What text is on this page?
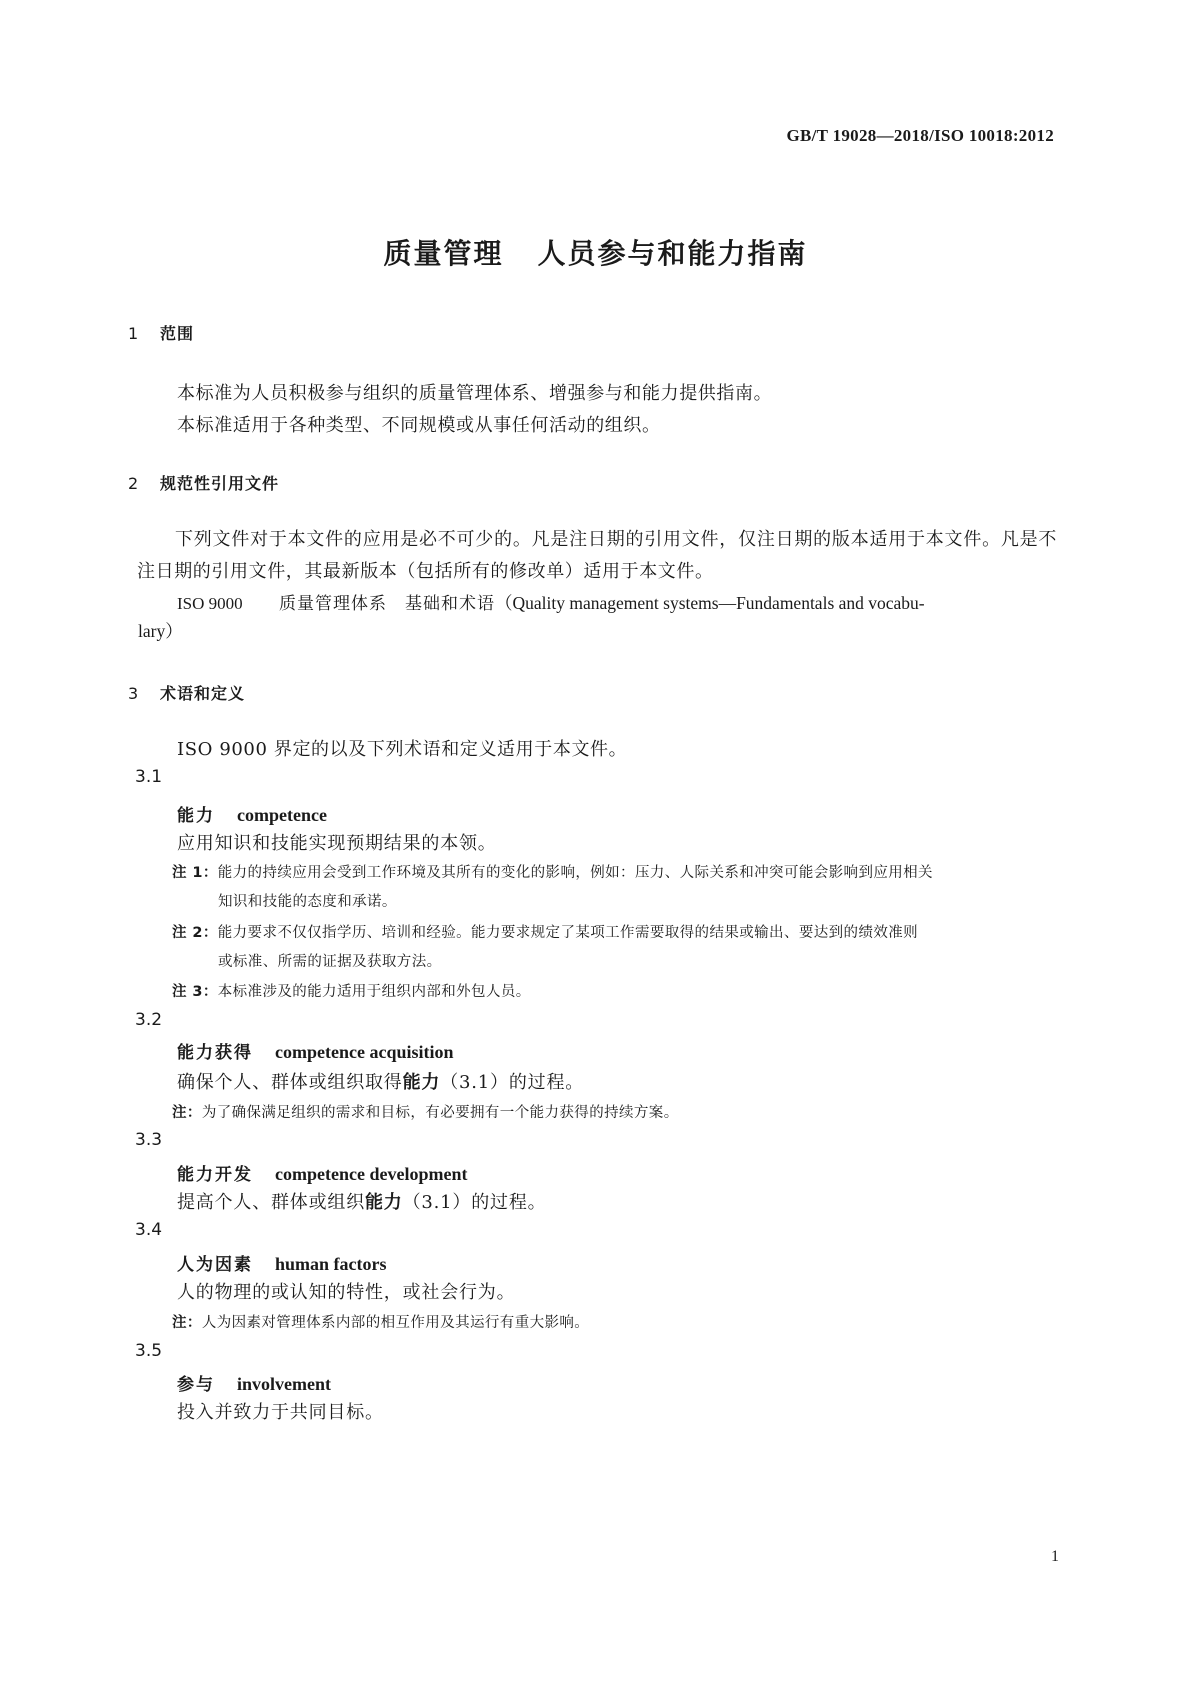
GB/T 19028—2018/ISO 10018:2012
质量管理 人员参与和能力指南
1 范围
本标准为人员积极参与组织的质量管理体系、增强参与和能力提供指南。
本标准适用于各种类型、不同规模或从事任何活动的组织。
2 规范性引用文件
下列文件对于本文件的应用是必不可少的。凡是注日期的引用文件，仅注日期的版本适用于本文件。凡是不注日期的引用文件，其最新版本（包括所有的修改单）适用于本文件。
ISO 9000 质量管理体系　基础和术语（Quality management systems—Fundamentals and vocabu-
lary）
3 术语和定义
ISO 9000 界定的以及下列术语和定义适用于本文件。
3.1
能力 competence
应用知识和技能实现预期结果的本领。
注 1：能力的持续应用会受到工作环境及其所有的变化的影响，例如：压力、人际关系和冲突可能会影响到应用相关
知识和技能的态度和承诺。
注 2：能力要求不仅仅指学历、培训和经验。能力要求规定了某项工作需要取得的结果或输出、要达到的绩效准则
或标准、所需的证据及获取方法。
注 3：本标准涉及的能力适用于组织内部和外包人员。
3.2
能力获得 competence acquisition
确保个人、群体或组织取得能力（3.1）的过程。
注：为了确保满足组织的需求和目标，有必要拥有一个能力获得的持续方案。
3.3
能力开发 competence development
提高个人、群体或组织能力（3.1）的过程。
3.4
人为因素 human factors
人的物理的或认知的特性，或社会行为。
注：人为因素对管理体系内部的相互作用及其运行有重大影响。
3.5
参与 involvement
投入并致力于共同目标。
1
